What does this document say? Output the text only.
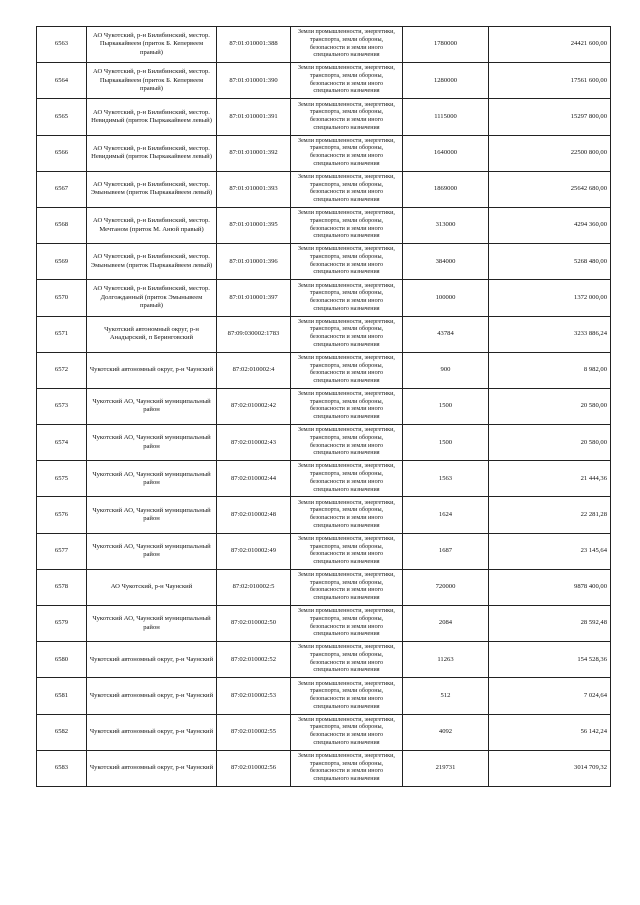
6563	АО Чукотский, р-н Билибинский, местор. Пыркакайвеем (приток Б. Кепервеем правый)	87:01:010001:388	Земли промышленности, энергетики, транспорта, земли обороны, безопасности и земли иного специального назначения	1780000	24421 600,00
6564	АО Чукотский, р-н Билибинский, местор. Пыркакайвеем (приток Б. Кепервеем правый)	87:01:010001:390	Земли промышленности, энергетики, транспорта, земли обороны, безопасности и земли иного специального назначения	1280000	17561 600,00
6565	АО Чукотский, р-н Билибинский, местор. Невидимый (приток Пыркакайвеем левый)	87:01:010001:391	Земли промышленности, энергетики, транспорта, земли обороны, безопасности и земли иного специального назначения	1115000	15297 800,00
6566	АО Чукотский, р-н Билибинский, местор. Невидимый (приток Пыркакайвеем левый)	87:01:010001:392	Земли промышленности, энергетики, транспорта, земли обороны, безопасности и земли иного специального назначения	1640000	22500 800,00
6567	АО Чукотский, р-н Билибинский, местор. Эмынывеем (приток Пыркакайвеем левый)	87:01:010001:393	Земли промышленности, энергетики, транспорта, земли обороны, безопасности и земли иного специального назначения	1869000	25642 680,00
6568	АО Чукотский, р-н Билибинский, местор. Мечтаном (приток М. Анюй правый)	87:01:010001:395	Земли промышленности, энергетики, транспорта, земли обороны, безопасности и земли иного специального назначения	313000	4294 360,00
6569	АО Чукотский, р-н Билибинский, местор. Эмынывеем (приток Пыркакайвеем левый)	87:01:010001:396	Земли промышленности, энергетики, транспорта, земли обороны, безопасности и земли иного специального назначения	384000	5268 480,00
6570	АО Чукотский, р-н Билибинский, местор. Долгожданный (приток Эмынывеем правый)	87:01:010001:397	Земли промышленности, энергетики, транспорта, земли обороны, безопасности и земли иного специального назначения	100000	1372 000,00
6571	Чукотский автономный округ, р-н Анадырский, п Беринговский	87:09:030002:1783	Земли промышленности, энергетики, транспорта, земли обороны, безопасности и земли иного специального назначения	43784	3233 886,24
6572	Чукотский автономный округ, р-н Чаунский	87:02:010002:4	Земли промышленности, энергетики, транспорта, земли обороны, безопасности и земли иного специального назначения	900	8 982,00
6573	Чукотский АО, Чаунский муниципальный район	87:02:010002:42	Земли промышленности, энергетики, транспорта, земли обороны, безопасности и земли иного специального назначения	1500	20 580,00
6574	Чукотский АО, Чаунский муниципальный район	87:02:010002:43	Земли промышленности, энергетики, транспорта, земли обороны, безопасности и земли иного специального назначения	1500	20 580,00
6575	Чукотский АО, Чаунский муниципальный район	87:02:010002:44	Земли промышленности, энергетики, транспорта, земли обороны, безопасности и земли иного специального назначения	1563	21 444,36
6576	Чукотский АО, Чаунский муниципальный район	87:02:010002:48	Земли промышленности, энергетики, транспорта, земли обороны, безопасности и земли иного специального назначения	1624	22 281,28
6577	Чукотский АО, Чаунский муниципальный район	87:02:010002:49	Земли промышленности, энергетики, транспорта, земли обороны, безопасности и земли иного специального назначения	1687	23 145,64
6578	АО Чукотский, р-н Чаунский	87:02:010002:5	Земли промышленности, энергетики, транспорта, земли обороны, безопасности и земли иного специального назначения	720000	9878 400,00
6579	Чукотский АО, Чаунский муниципальный район	87:02:010002:50	Земли промышленности, энергетики, транспорта, земли обороны, безопасности и земли иного специального назначения	2084	28 592,48
6580	Чукотский автономный округ, р-н Чаунский	87:02:010002:52	Земли промышленности, энергетики, транспорта, земли обороны, безопасности и земли иного специального назначения	11263	154 528,36
6581	Чукотский автономный округ, р-н Чаунский	87:02:010002:53	Земли промышленности, энергетики, транспорта, земли обороны, безопасности и земли иного специального назначения	512	7 024,64
6582	Чукотский автономный округ, р-н Чаунский	87:02:010002:55	Земли промышленности, энергетики, транспорта, земли обороны, безопасности и земли иного специального назначения	4092	56 142,24
6583	Чукотский автономный округ, р-н Чаунский	87:02:010002:56	Земли промышленности, энергетики, транспорта, земли обороны, безопасности и земли иного специального назначения	219731	3014 709,32
